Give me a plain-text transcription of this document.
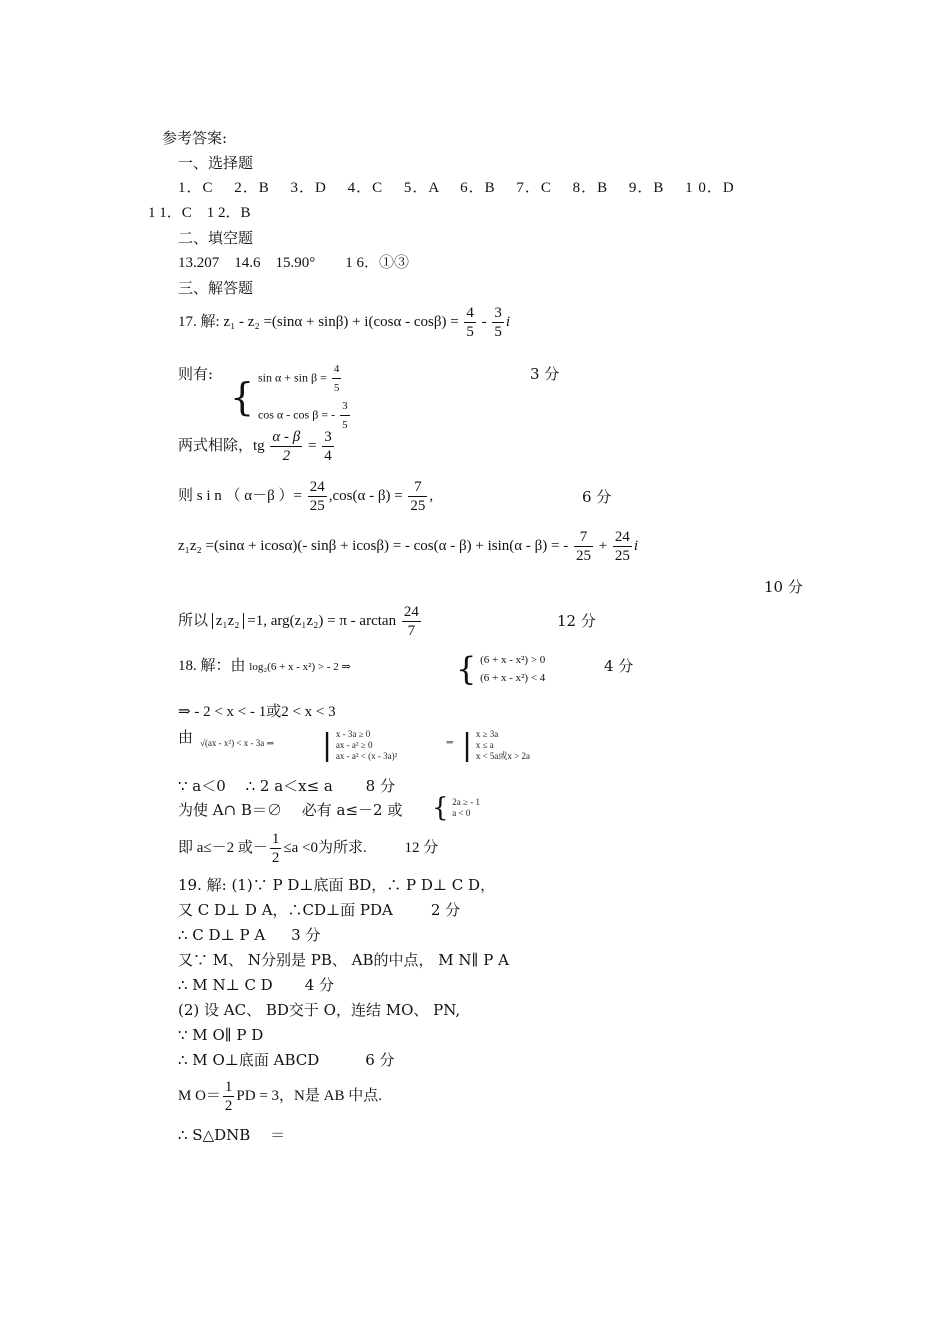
参考答案:
一、选择题
1．C　 2．B　 3．D　 4．C　 5．A　 6．B　 7．C　 8．B　 9．B　 1 0．D
1 1．C　1 2．B
二、填空题
13.207　14.6　15.90°　　1 6．①③
三、解答题
17. 解: $z_1 - z_2 =(\sin\alpha + \sin\beta) + i(\cos\alpha - \cos\beta) = \frac{4}{5} - \frac{3}{5}$ i
则有:
{ $\sin \alpha + \sin \beta = \frac{4}{5}$

cos α - cos β = - $\frac{3}{5}$
3 分
两式相除，tg $\frac{\alpha - \beta}{2} = \frac{3}{4}$
则 s i n （ α－β ）= $\frac{24}{25} ,\cos(\alpha - \beta) = \frac{7}{25}$ ,	6 分
z₁z₂ =(sinα + icosα)(- sinβ + icosβ) = - cos(α - β) + isin(α - β) = - $\frac{7}{25} + \frac{24}{25}$ i
10 分
所以 z₁z₂ =1, $arg(z_1z_2) = \pi - \arctan \frac{24}{7}$	12 分
18. 解：由 log₂(6 + x - x²) > - 2 ⇒	{ (6 + x - x²) > 0
(6 + x - x²) < 4
4 分
⇒ - 2 < x < - 1或2 < x < 3
由 √(ax - x²) < x - 3a ⇒ | x - 3a ≥ 0
ax - a² ≥ 0
ax - a² < (x - 3a)²
⇒ | x ≥ 3a
x ≤ a
x < 5a或x > 2a
∵ a＜0　 ∴ 2 a＜x≤ a 8 分
为使 A∩ B＝∅　 必有 a≤－2 或 { 2a ≥ - 1
a < 0
即 a≤－2 或－ $\frac{1}{2} \le a <0$为所求.	12 分
19. 解: (1)∵ P D⊥底面 BD，∴ P D⊥ C D，
又 C D⊥ D A，∴CD⊥面 PDA	2 分
∴ C D⊥ P A 3 分
又∵ M、 N分别是 PB、 AB的中点， M N∥ P A
∴ M N⊥ C D 4 分
(2) 设 AC、 BD交于 O，连结 MO、 PN,
∵ M O∥ P D
∴ M O⊥底面 ABCD	6 分
M $O= \frac{1}{2}$ PD = 3，N是 AB 中点.
∴ S△DNB　 ＝
